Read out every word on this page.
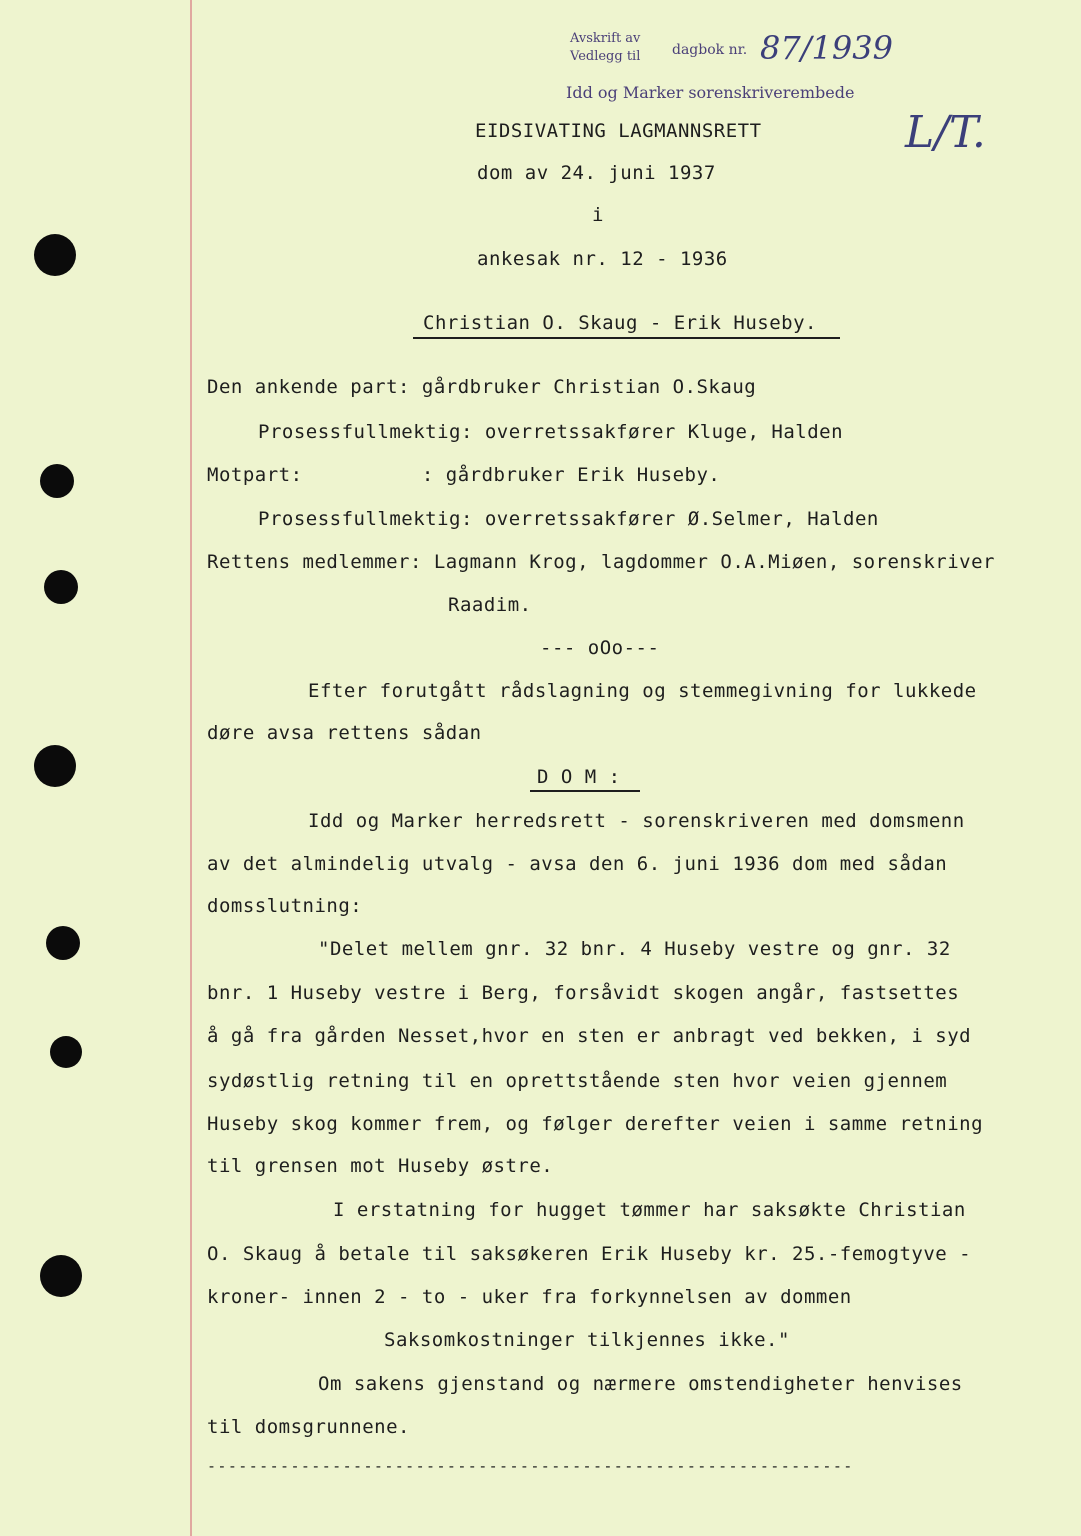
Avskrift av
Vedlegg til dagbok nr. 87/1939
Idd og Marker sorenskriverembede
L/T.
EIDSIVATING LAGMANNSRETT
dom av 24. juni 1937
i
ankesak nr. 12 - 1936
Christian O. Skaug - Erik Huseby.
Den ankende part: gårdbruker Christian O.Skaug
Prosessfullmektig: overretssakfører Kluge, Halden
Motpart:          : gårdbruker Erik Huseby.
Prosessfullmektig: overretssakfører Ø.Selmer, Halden
Rettens medlemmer: Lagmann Krog, lagdommer O.A.Miøen, sorenskriver
Raadim.
--- oOo---
Efter forutgått rådslagning og stemmegivning for lukkede
døre avsa rettens sådan
D O M :
Idd og Marker herredsrett - sorenskriveren med domsmenn
av det almindelig utvalg - avsa den 6. juni 1936 dom med sådan
domsslutning:
"Delet mellem gnr. 32 bnr. 4 Huseby vestre og gnr. 32
bnr. 1 Huseby vestre i Berg, forsåvidt skogen angår, fastsettes
å gå fra gården Nesset,hvor en sten er anbragt ved bekken, i syd
sydøstlig retning til en oprettstående sten hvor veien gjennem
Huseby skog kommer frem, og følger derefter veien i samme retning
til grensen mot Huseby østre.
I erstatning for hugget tømmer har saksøkte Christian
O. Skaug å betale til saksøkeren Erik Huseby kr. 25.-femogtyve -
kroner- innen 2 - to - uker fra forkynnelsen av dommen
Saksomkostninger tilkjennes ikke."
Om sakens gjenstand og nærmere omstendigheter henvises
til domsgrunnene.
--------------------------------------------------------------
